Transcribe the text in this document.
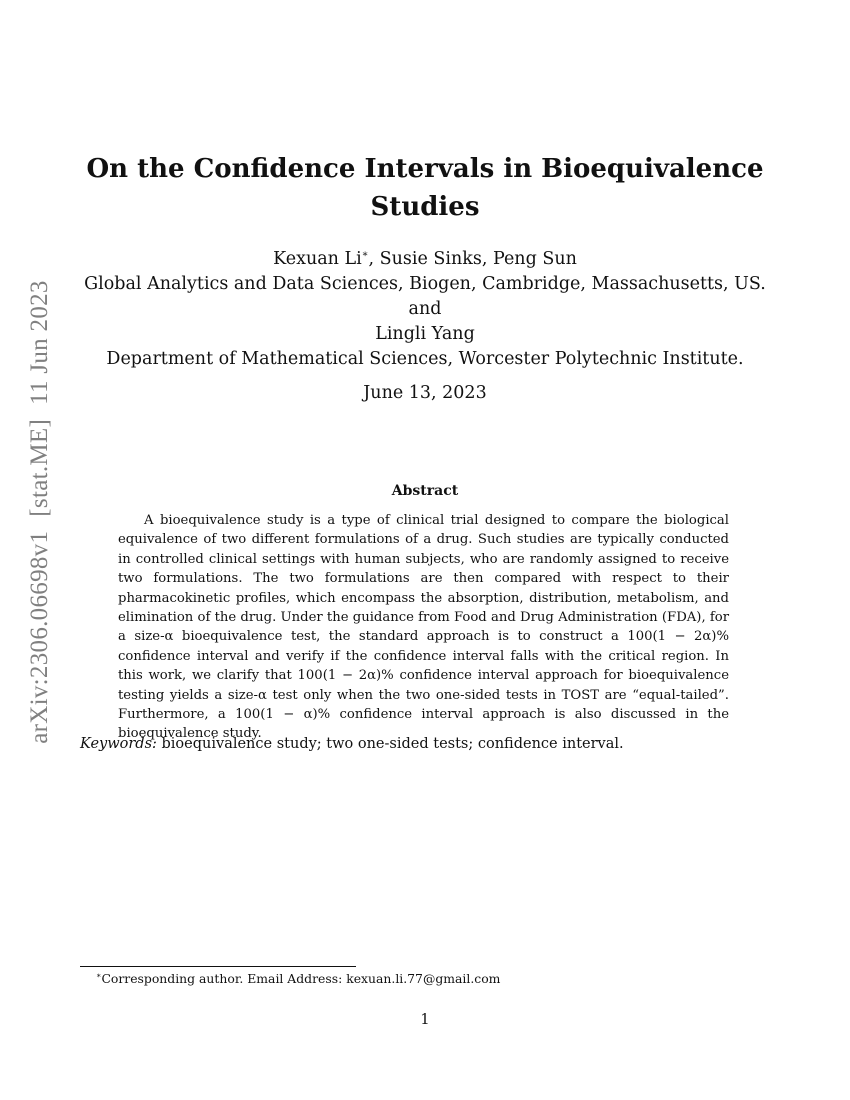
arXiv:2306.06698v1[stat.ME]11 Jun 2023
On the Confidence Intervals in Bioequivalence Studies
Kexuan Li∗, Susie Sinks, Peng Sun
Global Analytics and Data Sciences, Biogen, Cambridge, Massachusetts, US.
and
Lingli Yang
Department of Mathematical Sciences, Worcester Polytechnic Institute.
June 13, 2023
Abstract
A bioequivalence study is a type of clinical trial designed to compare the biological equivalence of two different formulations of a drug. Such studies are typically conducted in controlled clinical settings with human subjects, who are randomly assigned to receive two formulations. The two formulations are then compared with respect to their pharmacokinetic profiles, which encompass the absorption, distribution, metabolism, and elimination of the drug. Under the guidance from Food and Drug Administration (FDA), for a size-α bioequivalence test, the standard approach is to construct a 100(1 − 2α)% confidence interval and verify if the confidence interval falls with the critical region. In this work, we clarify that 100(1 − 2α)% confidence interval approach for bioequivalence testing yields a size-α test only when the two one-sided tests in TOST are “equal-tailed”. Furthermore, a 100(1 − α)% confidence interval approach is also discussed in the bioequivalence study.
Keywords: bioequivalence study; two one-sided tests; confidence interval.
∗Corresponding author. Email Address: kexuan.li.77@gmail.com
1
